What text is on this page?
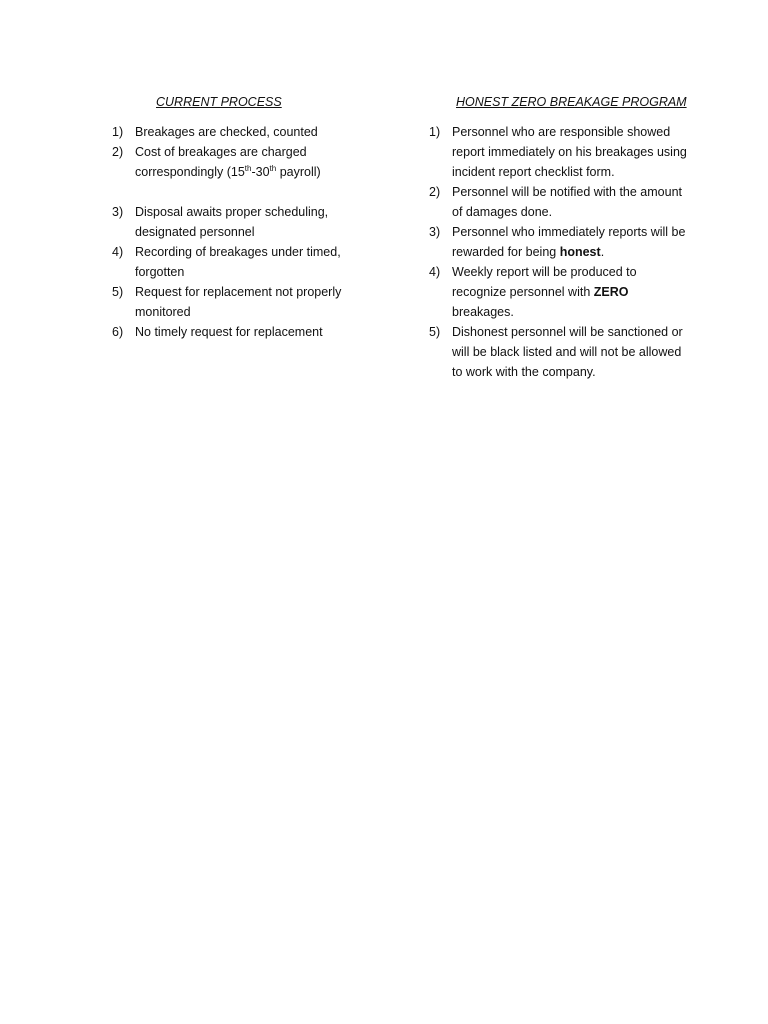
CURRENT PROCESS
1) Breakages are checked, counted
2) Cost of breakages are charged correspondingly (15th-30th payroll)
3) Disposal awaits proper scheduling, designated personnel
4) Recording of breakages under timed, forgotten
5) Request for replacement not properly monitored
6) No timely request for replacement
HONEST ZERO BREAKAGE PROGRAM
1) Personnel who are responsible showed report immediately on his breakages using incident report checklist form.
2) Personnel will be notified with the amount of damages done.
3) Personnel who immediately reports will be rewarded for being honest.
4) Weekly report will be produced to recognize personnel with ZERO breakages.
5) Dishonest personnel will be sanctioned or will be black listed and will not be allowed to work with the company.
